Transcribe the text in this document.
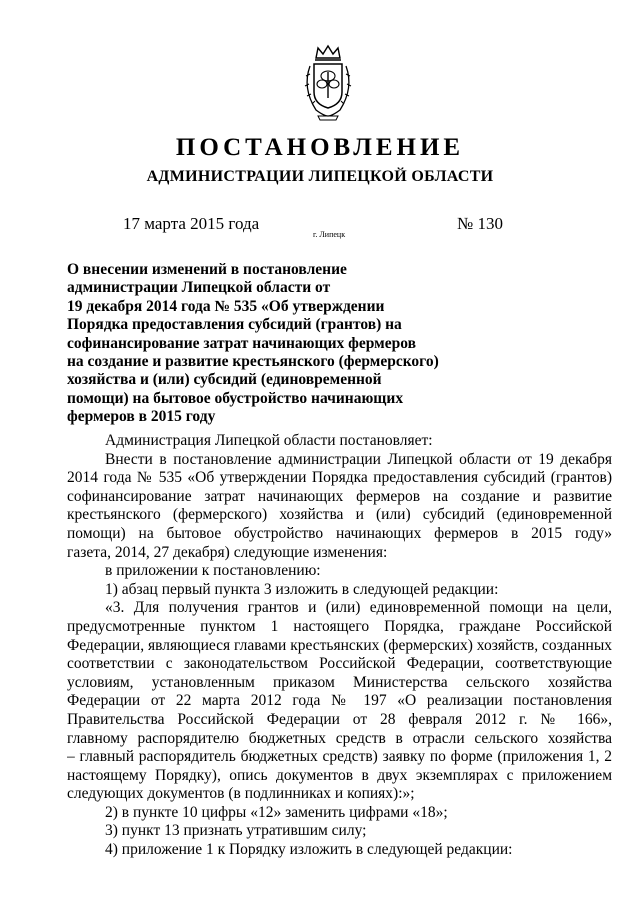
ПОСТАНОВЛЕНИЕ
АДМИНИСТРАЦИИ ЛИПЕЦКОЙ ОБЛАСТИ
17 марта 2015 года
г. Липецк
№ 130
О внесении изменений в постановление
администрации Липецкой области от
19 декабря 2014 года № 535 «Об утверждении
Порядка предоставления субсидий (грантов) на
софинансирование затрат начинающих фермеров
на создание и развитие крестьянского (фермерского)
хозяйства и (или) субсидий (единовременной
помощи) на бытовое обустройство начинающих
фермеров в 2015 году
Администрация Липецкой области постановляет:
Внести в постановление администрации Липецкой области от 19 декабря
2014 года № 535 «Об утверждении Порядка предоставления субсидий (грантов)
софинансирование затрат начинающих фермеров на создание и развитие
крестьянского (фермерского) хозяйства и (или) субсидий (единовременной
помощи) на бытовое обустройство начинающих фермеров в 2015 году»
газета, 2014, 27 декабря) следующие изменения:
в приложении к постановлению:
1) абзац первый пункта 3 изложить в следующей редакции:
«3. Для получения грантов и (или) единовременной помощи на цели,
предусмотренные пунктом 1 настоящего Порядка, граждане Российской
Федерации, являющиеся главами крестьянских (фермерских) хозяйств, созданных
соответствии с законодательством Российской Федерации, соответствующие
условиям, установленным приказом Министерства сельского хозяйства
Федерации от 22 марта 2012 года № 197 «О реализации постановления
Правительства Российской Федерации от 28 февраля 2012 г. № 166»,
главному распорядителю бюджетных средств в отрасли сельского хозяйства
– главный распорядитель бюджетных средств) заявку по форме (приложения 1, 2
настоящему Порядку), опись документов в двух экземплярах с приложением
следующих документов (в подлинниках и копиях):»;
2) в пункте 10 цифры «12» заменить цифрами «18»;
3) пункт 13 признать утратившим силу;
4) приложение 1 к Порядку изложить в следующей редакции:
